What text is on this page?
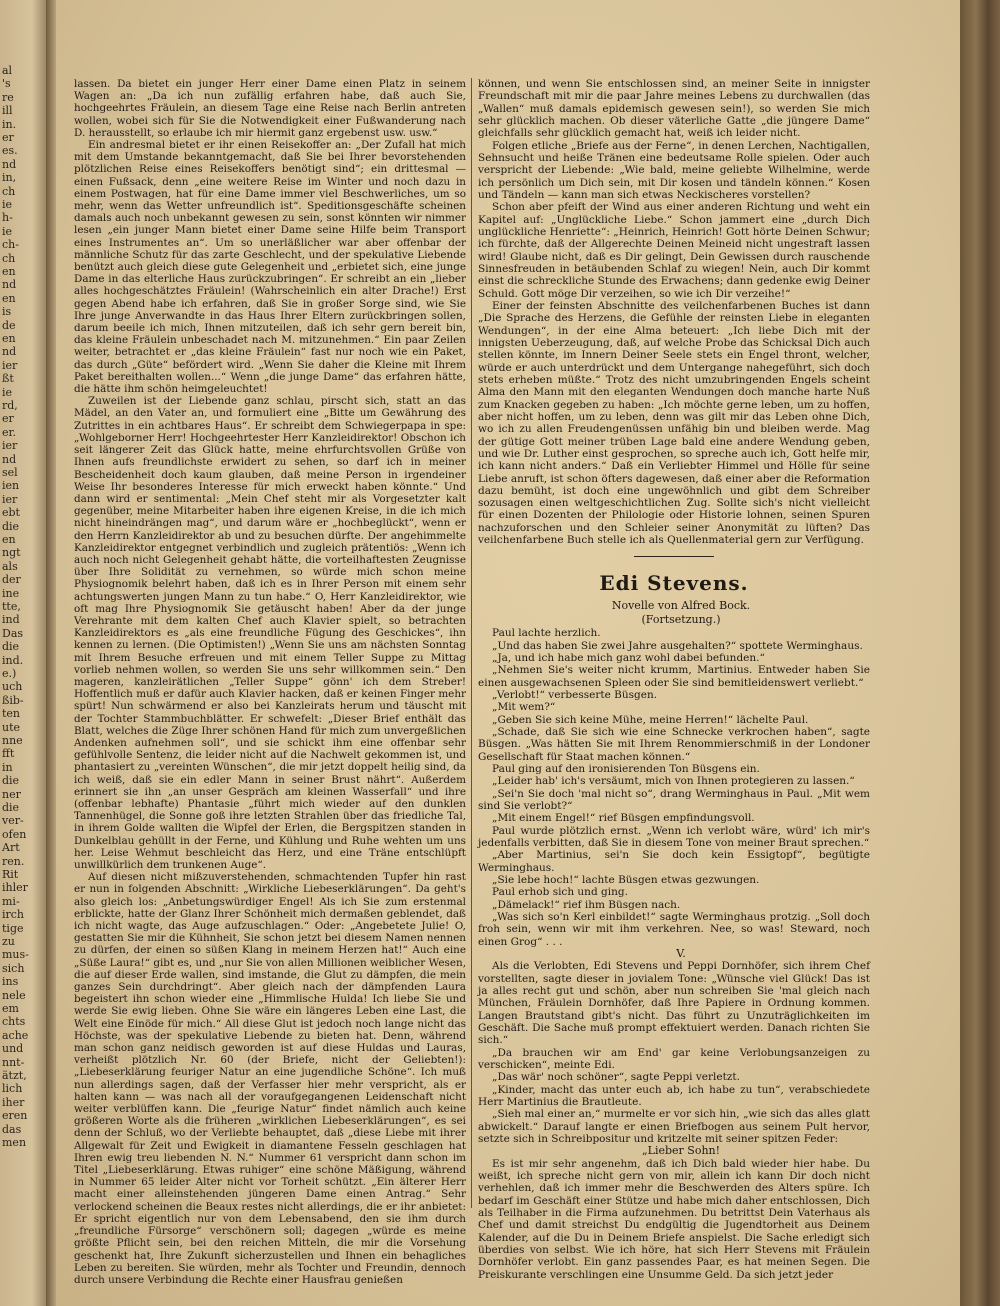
al
's
re
ill
in.
er
es.
nd
in,
ch
ie
h-
ie
ch-
ch
en
nd
en
is
de
en
nd
ier
ßt
ie
rd,
er
er.
ier
nd
sel
ien
ier
ebt
die
en
ngt
als
der
ine
tte,
ind
Das
die
ind.
e.)
uch
ßib-
ten
ute
nne
fft
in
die
ner
die
ver-
ofen
Art
ren.
Rit
ihler
mi-
irch
tige
zu
mus-
sich
ins
nele
em
chts
ache
und
nnt-
ätzt,
lich
iher
eren
das
men

lassen. Da bietet ein junger Herr einer Dame einen Platz in seinem Wagen an: „Da ich nun zufällig erfahren habe, daß auch Sie, hochgeehrtes Fräulein, an diesem Tage eine Reise nach Berlin antreten wollen, wobei sich für Sie die Notwendigkeit einer Fußwanderung nach D. herausstellt, so erlaube ich mir hiermit ganz ergebenst usw. usw.“

Ein andresmal bietet er ihr einen Reisekoffer an: „Der Zufall hat mich mit dem Umstande bekanntgemacht, daß Sie bei Ihrer bevorstehenden plötzlichen Reise eines Reisekoffers benötigt sind“; ein drittesmal — einen Fußsack, denn „eine weitere Reise im Winter und noch dazu in einem Postwagen, hat für eine Dame immer viel Beschwerliches, um so mehr, wenn das Wetter unfreundlich ist“. Speditionsgeschäfte scheinen damals auch noch unbekannt gewesen zu sein, sonst könnten wir nimmer lesen „ein junger Mann bietet einer Dame seine Hilfe beim Transport eines Instrumentes an“. Um so unerläßlicher war aber offenbar der männliche Schutz für das zarte Geschlecht, und der spekulative Liebende benützt auch gleich diese gute Gelegenheit und „erbietet sich, eine junge Dame in das elterliche Haus zurückzubringen“. Er schreibt an ein „lieber alles hochgeschätztes Fräulein! (Wahrscheinlich ein alter Drache!) Erst gegen Abend habe ich erfahren, daß Sie in großer Sorge sind, wie Sie Ihre junge Anverwandte in das Haus Ihrer Eltern zurückbringen sollen, darum beeile ich mich, Ihnen mitzuteilen, daß ich sehr gern bereit bin, das kleine Fräulein unbeschadet nach M. mitzunehmen.“ Ein paar Zeilen weiter, betrachtet er „das kleine Fräulein“ fast nur noch wie ein Paket, das durch „Güte“ befördert wird. „Wenn Sie daher die Kleine mit Ihrem Paket bereithalten wollen...“ Wenn „die junge Dame“ das erfahren hätte, die hätte ihm schön heimgeleuchtet!

Zuweilen ist der Liebende ganz schlau, pirscht sich, statt an das Mädel, an den Vater an, und formuliert eine „Bitte um Gewährung des Zutrittes in ein achtbares Haus“. Er schreibt dem Schwiegerpapa in spe: „Wohlgeborner Herr! Hochgeehrtester Herr Kanzleidirektor! Obschon ich seit längerer Zeit das Glück hatte, meine ehrfurchtsvollen Grüße von Ihnen aufs freundlichste erwidert zu sehen, so darf ich in meiner Bescheidenheit doch kaum glauben, daß meine Person in irgendeiner Weise Ihr besonderes Interesse für mich erweckt haben könnte.“ Und dann wird er sentimental: „Mein Chef steht mir als Vorgesetzter kalt gegenüber, meine Mitarbeiter haben ihre eigenen Kreise, in die ich mich nicht hineindrängen mag“, und darum wäre er „hochbeglückt“, wenn er den Herrn Kanzleidirektor ab und zu besuchen dürfte. Der angehimmelte Kanzleidirektor entgegnet verbindlich und zugleich prätentiös: „Wenn ich auch noch nicht Gelegenheit gehabt hätte, die vorteilhaftesten Zeugnisse über Ihre Solidität zu vernehmen, so würde mich schon meine Physiognomik belehrt haben, daß ich es in Ihrer Person mit einem sehr achtungswerten jungen Mann zu tun habe.“ O, Herr Kanzleidirektor, wie oft mag Ihre Physiognomik Sie getäuscht haben! Aber da der junge Verehrante mit dem kalten Chef auch Klavier spielt, so betrachten Kanzleidirektors es „als eine freundliche Fügung des Geschickes“, ihn kennen zu lernen. (Die Optimisten!) „Wenn Sie uns am nächsten Sonntag mit Ihrem Besuche erfreuen und mit einem Teller Suppe zu Mittag vorlieb nehmen wollen, so werden Sie uns sehr willkommen sein.“ Den mageren, kanzleirätlichen „Teller Suppe“ gönn' ich dem Streber! Hoffentlich muß er dafür auch Klavier hacken, daß er keinen Finger mehr spürt! Nun schwärmend er also bei Kanzleirats herum und täuscht mit der Tochter Stammbuchblätter. Er schwefelt: „Dieser Brief enthält das Blatt, welches die Züge Ihrer schönen Hand für mich zum unvergeßlichen Andenken aufnehmen soll“, und sie schickt ihm eine offenbar sehr gefühlvolle Sentenz, die leider nicht auf die Nachwelt gekommen ist, und phantasiert zu „vereinten Wünschen“, die mir jetzt doppelt heilig sind, da ich weiß, daß sie ein edler Mann in seiner Brust nährt“. Außerdem erinnert sie ihn „an unser Gespräch am kleinen Wasserfall“ und ihre (offenbar lebhafte) Phantasie „führt mich wieder auf den dunklen Tannenhügel, die Sonne goß ihre letzten Strahlen über das friedliche Tal, in ihrem Golde wallten die Wipfel der Erlen, die Bergspitzen standen in Dunkelblau gehüllt in der Ferne, und Kühlung und Ruhe wehten um uns her. Leise Wehmut beschleicht das Herz, und eine Träne entschlüpft unwillkürlich dem trunkenen Auge“.

Auf diesen nicht mißzuverstehenden, schmachtenden Tupfer hin rast er nun in folgenden Abschnitt: „Wirkliche Liebeserklärungen“. Da geht's also gleich los: „Anbetungswürdiger Engel! Als ich Sie zum erstenmal erblickte, hatte der Glanz Ihrer Schönheit mich dermaßen geblendet, daß ich nicht wagte, das Auge aufzuschlagen.“ Oder: „Angebetete Julie! O, gestatten Sie mir die Kühnheit, Sie schon jetzt bei diesem Namen nennen zu dürfen, der einen so süßen Klang in meinem Herzen hat!“ Auch eine „Süße Laura!“ gibt es, und „nur Sie von allen Millionen weiblicher Wesen, die auf dieser Erde wallen, sind imstande, die Glut zu dämpfen, die mein ganzes Sein durchdringt“. Aber gleich nach der dämpfenden Laura begeistert ihn schon wieder eine „Himmlische Hulda! Ich liebe Sie und werde Sie ewig lieben. Ohne Sie wäre ein längeres Leben eine Last, die Welt eine Einöde für mich.“ All diese Glut ist jedoch noch lange nicht das Höchste, was der spekulative Liebende zu bieten hat. Denn, während man schon ganz neidisch geworden ist auf diese Huldas und Lauras, verheißt plötzlich Nr. 60 (der Briefe, nicht der Geliebten!): „Liebeserklärung feuriger Natur an eine jugendliche Schöne“. Ich muß nun allerdings sagen, daß der Verfasser hier mehr verspricht, als er halten kann — was nach all der voraufgegangenen Leidenschaft nicht weiter verblüffen kann. Die „feurige Natur“ findet nämlich auch keine größeren Worte als die früheren „wirklichen Liebeserklärungen“, es sei denn der Schluß, wo der Verliebte behauptet, daß „diese Liebe mit ihrer Allgewalt für Zeit und Ewigkeit in diamantene Fesseln geschlagen hat Ihren ewig treu liebenden N. N.“ Nummer 61 verspricht dann schon im Titel „Liebeserklärung. Etwas ruhiger“ eine schöne Mäßigung, während in Nummer 65 leider Alter nicht vor Torheit schützt. „Ein älterer Herr macht einer alleinstehenden jüngeren Dame einen Antrag.“ Sehr verlockend scheinen die Beaux restes nicht allerdings, die er ihr anbietet: Er spricht eigentlich nur von dem Lebensabend, den sie ihm durch „freundliche Fürsorge“ verschönern soll; dagegen „würde es meine größte Pflicht sein, bei den reichen Mitteln, die mir die Vorsehung geschenkt hat, Ihre Zukunft sicherzustellen und Ihnen ein behagliches Leben zu bereiten. Sie würden, mehr als Tochter und Freundin, dennoch durch unsere Verbindung die Rechte einer Hausfrau genießen

können, und wenn Sie entschlossen sind, an meiner Seite in innigster Freundschaft mit mir die paar Jahre meines Lebens zu durchwallen (das „Wallen“ muß damals epidemisch gewesen sein!), so werden Sie mich sehr glücklich machen. Ob dieser väterliche Gatte „die jüngere Dame“ gleichfalls sehr glücklich gemacht hat, weiß ich leider nicht.

Folgen etliche „Briefe aus der Ferne“, in denen Lerchen, Nachtigallen, Sehnsucht und heiße Tränen eine bedeutsame Rolle spielen. Oder auch verspricht der Liebende: „Wie bald, meine geliebte Wilhelmine, werde ich persönlich um Dich sein, mit Dir kosen und tändeln können.“ Kosen und Tändeln — kann man sich etwas Neckischeres vorstellen?

Schon aber pfeift der Wind aus einer anderen Richtung und weht ein Kapitel auf: „Unglückliche Liebe.“ Schon jammert eine „durch Dich unglückliche Henriette“: „Heinrich, Heinrich! Gott hörte Deinen Schwur; ich fürchte, daß der Allgerechte Deinen Meineid nicht ungestraft lassen wird! Glaube nicht, daß es Dir gelingt, Dein Gewissen durch rauschende Sinnesfreuden in betäubenden Schlaf zu wiegen! Nein, auch Dir kommt einst die schreckliche Stunde des Erwachens; dann gedenke ewig Deiner Schuld. Gott möge Dir verzeihen, so wie ich Dir verzeihe!“

Einer der feinsten Abschnitte des veilchenfarbenen Buches ist dann „Die Sprache des Herzens, die Gefühle der reinsten Liebe in eleganten Wendungen“, in der eine Alma beteuert: „Ich liebe Dich mit der innigsten Ueberzeugung, daß, auf welche Probe das Schicksal Dich auch stellen könnte, im Innern Deiner Seele stets ein Engel thront, welcher, würde er auch unterdrückt und dem Untergange nahegeführt, sich doch stets erheben müßte.“ Trotz des nicht umzubringenden Engels scheint Alma den Mann mit den eleganten Wendungen doch manche harte Nuß zum Knacken gegeben zu haben: „Ich möchte gerne leben, um zu hoffen, aber nicht hoffen, um zu leben, denn was gilt mir das Leben ohne Dich, wo ich zu allen Freudengenüssen unfähig bin und bleiben werde. Mag der gütige Gott meiner trüben Lage bald eine andere Wendung geben, und wie Dr. Luther einst gesprochen, so spreche auch ich, Gott helfe mir, ich kann nicht anders.“ Daß ein Verliebter Himmel und Hölle für seine Liebe anruft, ist schon öfters dagewesen, daß einer aber die Reformation dazu bemüht, ist doch eine ungewöhnlich und gibt dem Schreiber sozusagen einen weltgeschichtlichen Zug. Sollte sich's nicht vielleicht für einen Dozenten der Philologie oder Historie lohnen, seinen Spuren nachzuforschen und den Schleier seiner Anonymität zu lüften? Das veilchenfarbene Buch stelle ich als Quellenmaterial gern zur Verfügung.

Edi Stevens.

Novelle von Alfred Bock.

(Fortsetzung.)

Paul lachte herzlich.

„Und das haben Sie zwei Jahre ausgehalten?“ spottete Werminghaus.

„Ja, und ich habe mich ganz wohl dabei befunden.“

„Nehmen Sie's weiter nicht krumm, Martinius. Entweder haben Sie einen ausgewachsenen Spleen oder Sie sind bemitleidenswert verliebt.“

„Verlobt!“ verbesserte Büsgen.

„Mit wem?“

„Geben Sie sich keine Mühe, meine Herren!“ lächelte Paul.

„Schade, daß Sie sich wie eine Schnecke verkrochen haben“, sagte Büsgen. „Was hätten Sie mit Ihrem Renommierschmiß in der Londoner Gesellschaft für Staat machen können.“

Paul ging auf den ironisierenden Ton Büsgens ein.

„Leider hab' ich's versäumt, mich von Ihnen protegieren zu lassen.“

„Sei'n Sie doch 'mal nicht so“, drang Werminghaus in Paul. „Mit wem sind Sie verlobt?“

„Mit einem Engel!“ rief Büsgen empfindungsvoll.

Paul wurde plötzlich ernst. „Wenn ich verlobt wäre, würd' ich mir's jedenfalls verbitten, daß Sie in diesem Tone von meiner Braut sprechen.“

„Aber Martinius, sei'n Sie doch kein Essigtopf“, begütigte Werminghaus.

„Sie lebe hoch!“ lachte Büsgen etwas gezwungen.

Paul erhob sich und ging.

„Dämelack!“ rief ihm Büsgen nach.

„Was sich so'n Kerl einbildet!“ sagte Werminghaus protzig. „Soll doch froh sein, wenn wir mit ihm verkehren. Nee, so was! Steward, noch einen Grog“ . . .

V.

Als die Verlobten, Edi Stevens und Peppi Dornhöfer, sich ihrem Chef vorstellten, sagte dieser in jovialem Tone: „Wünsche viel Glück! Das ist ja alles recht gut und schön, aber nun schreiben Sie 'mal gleich nach München, Fräulein Dornhöfer, daß Ihre Papiere in Ordnung kommen. Langen Brautstand gibt's nicht. Das führt zu Unzuträglichkeiten im Geschäft. Die Sache muß prompt effektuiert werden. Danach richten Sie sich.“

„Da brauchen wir am End' gar keine Verlobungsanzeigen zu verschicken“, meinte Edi.

„Das wär' noch schöner“, sagte Peppi verletzt.

„Kinder, macht das unter euch ab, ich habe zu tun“, verabschiedete Herr Martinius die Brautleute.

„Sieh mal einer an,“ murmelte er vor sich hin, „wie sich das alles glatt abwickelt.“ Darauf langte er einen Briefbogen aus seinem Pult hervor, setzte sich in Schreibpositur und kritzelte mit seiner spitzen Feder:

„Lieber Sohn!

Es ist mir sehr angenehm, daß ich Dich bald wieder hier habe. Du weißt, ich spreche nicht gern von mir, allein ich kann Dir doch nicht verhehlen, daß ich immer mehr die Beschwerden des Alters spüre. Ich bedarf im Geschäft einer Stütze und habe mich daher entschlossen, Dich als Teilhaber in die Firma aufzunehmen. Du betrittst Dein Vaterhaus als Chef und damit streichst Du endgültig die Jugendtorheit aus Deinem Kalender, auf die Du in Deinem Briefe anspielst. Die Sache erledigt sich überdies von selbst. Wie ich höre, hat sich Herr Stevens mit Fräulein Dornhöfer verlobt. Ein ganz passendes Paar, es hat meinen Segen. Die Preiskurante verschlingen eine Unsumme Geld. Da sich jetzt jeder
